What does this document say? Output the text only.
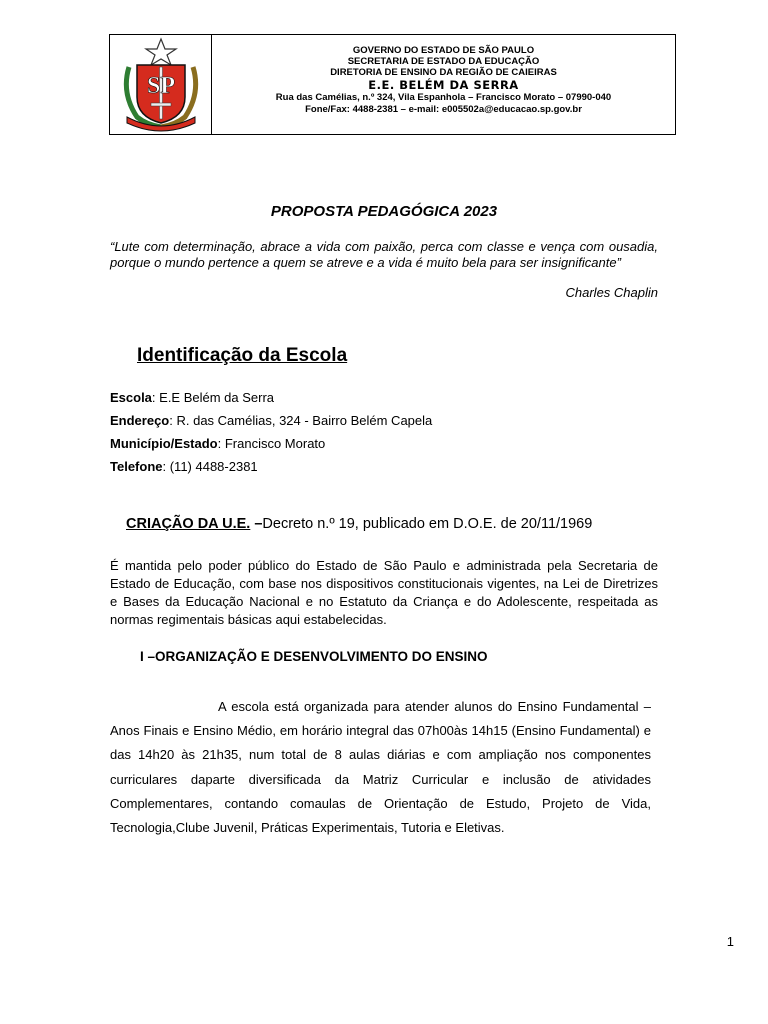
SP
GOVERNO DO ESTADO DE SÃO PAULO
SECRETARIA DE ESTADO DA EDUCAÇÃO
DIRETORIA DE ENSINO DA REGIÃO DE CAIEIRAS
E.E. BELÉM DA SERRA
Rua das Camélias, n.º 324, Vila Espanhola – Francisco Morato – 07990-040
Fone/Fax: 4488-2381 – e-mail: e005502a@educacao.sp.gov.br
PROPOSTA PEDAGÓGICA 2023
“Lute com determinação, abrace a vida com paixão, perca com classe e vença com ousadia, porque o mundo pertence a quem se atreve e a vida é muito bela para ser insignificante”
Charles Chaplin
Identificação da Escola
Escola: E.E Belém da Serra
Endereço: R. das Camélias, 324 - Bairro Belém Capela
Município/Estado: Francisco Morato
Telefone: (11) 4488-2381
CRIAÇÃO DA U.E. –Decreto n.º 19, publicado em D.O.E. de 20/11/1969
É mantida pelo poder público do Estado de São Paulo e administrada pela Secretaria de Estado de Educação, com base nos dispositivos constitucionais vigentes, na Lei de Diretrizes e Bases da Educação Nacional e no Estatuto da Criança e do Adolescente, respeitada as normas regimentais básicas aqui estabelecidas.
I –ORGANIZAÇÃO E DESENVOLVIMENTO DO ENSINO
A escola está organizada para atender alunos do Ensino Fundamental – Anos Finais e Ensino Médio, em horário integral das 07h00às 14h15 (Ensino Fundamental) e das 14h20 às 21h35, num total de 8 aulas diárias e com ampliação nos componentes curriculares daparte diversificada da Matriz Curricular e inclusão de atividades Complementares, contando comaulas de Orientação de Estudo, Projeto de Vida, Tecnologia,Clube Juvenil, Práticas Experimentais, Tutoria e Eletivas.
1
